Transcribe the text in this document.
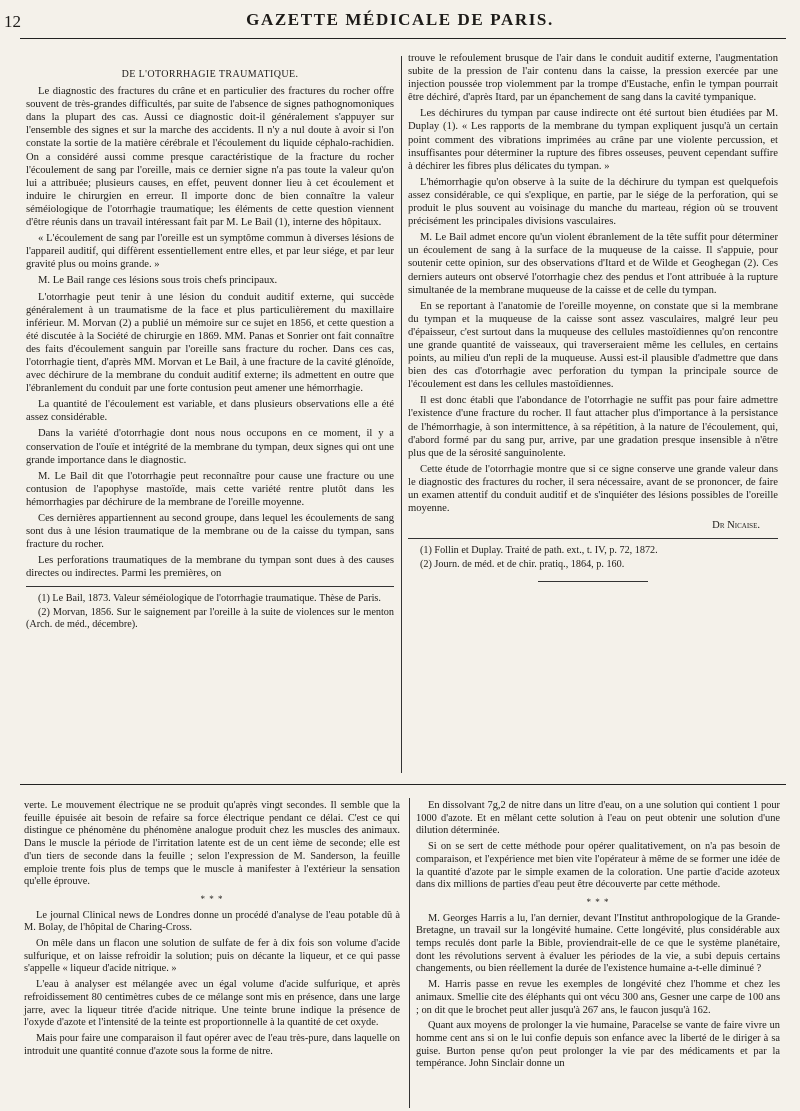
12	GAZETTE MÉDICALE DE PARIS.
DE L'OTORRHAGIE TRAUMATIQUE.

Le diagnostic des fractures du crâne et en particulier des fractures du rocher offre souvent de très-grandes difficultés, par suite de l'absence de signes pathognomoniques dans la plupart des cas. Aussi ce diagnostic doit-il généralement s'appuyer sur l'ensemble des signes et sur la marche des accidents. Il n'y a nul doute à avoir si l'on constate la sortie de la matière cérébrale et l'écoulement du liquide céphalo-rachidien. On a considéré aussi comme presque caractéristique de la fracture du rocher l'écoulement de sang par l'oreille, mais ce dernier signe n'a pas toute la valeur qu'on lui a attribuée; plusieurs causes, en effet, peuvent donner lieu à cet écoulement et induire le chirurgien en erreur. Il importe donc de bien connaître la valeur séméiologique de l'otorrhagie traumatique; les éléments de cette question viennent d'être réunis dans un travail intéressant fait par M. Le Bail (1), interne des hôpitaux.

« L'écoulement de sang par l'oreille est un symptôme commun à diverses lésions de l'appareil auditif, qui diffèrent essentiellement entre elles, et par leur siége, et par leur gravité plus ou moins grande. »

M. Le Bail range ces lésions sous trois chefs principaux.

L'otorrhagie peut tenir à une lésion du conduit auditif externe, qui succède généralement à un traumatisme de la face et plus particulièrement du maxillaire inférieur. M. Morvan (2) a publié un mémoire sur ce sujet en 1856, et cette question a été discutée à la Société de chirurgie en 1869. MM. Panas et Sonrier ont fait connaître des faits d'écoulement sanguin par l'oreille sans fracture du rocher. Dans ces cas, l'otorrhagie tient, d'après MM. Morvan et Le Bail, à une fracture de la cavité glénoïde, avec déchirure de la membrane du conduit auditif externe; ils admettent en outre que l'ébranlement du conduit par une forte contusion peut amener une hémorrhagie.

La quantité de l'écoulement est variable, et dans plusieurs observations elle a été assez considérable.

Dans la variété d'otorrhagie dont nous nous occupons en ce moment, il y a conservation de l'ouïe et intégrité de la membrane du tympan, deux signes qui ont une grande importance dans le diagnostic.

M. Le Bail dit que l'otorrhagie peut reconnaître pour cause une fracture ou une contusion de l'apophyse mastoïde, mais cette variété rentre plutôt dans les hémorrhagies par déchirure de la membrane de l'oreille moyenne.

Ces dernières appartiennent au second groupe, dans lequel les écoulements de sang sont dus à une lésion traumatique de la membrane ou de la caisse du tympan, sans fracture du rocher.

Les perforations traumatiques de la membrane du tympan sont dues à des causes directes ou indirectes. Parmi les premières, on

(1) Le Bail, 1873. Valeur séméiologique de l'otorrhagie traumatique. Thèse de Paris.

(2) Morvan, 1856. Sur le saignement par l'oreille à la suite de violences sur le menton (Arch. de méd., décembre).

trouve le refoulement brusque de l'air dans le conduit auditif externe, l'augmentation subite de la pression de l'air contenu dans la caisse, la pression exercée par une injection poussée trop violemment par la trompe d'Eustache, enfin le tympan pourrait être déchiré, d'après Itard, par un épanchement de sang dans la cavité tympanique.

Les déchirures du tympan par cause indirecte ont été surtout bien étudiées par M. Duplay (1). « Les rapports de la membrane du tympan expliquent jusqu'à un certain point comment des vibrations imprimées au crâne par une violente percussion, et insuffisantes pour déterminer la rupture des fibres osseuses, peuvent cependant suffire à déchirer les fibres plus délicates du tympan. »

L'hémorrhagie qu'on observe à la suite de la déchirure du tympan est quelquefois assez considérable, ce qui s'explique, en partie, par le siége de la perforation, qui se produit le plus souvent au voisinage du manche du marteau, région où se trouvent précisément les principales divisions vasculaires.

M. Le Bail admet encore qu'un violent ébranlement de la tête suffit pour déterminer un écoulement de sang à la surface de la muqueuse de la caisse. Il s'appuie, pour soutenir cette opinion, sur des observations d'Itard et de Wilde et Geoghegan (2). Ces derniers auteurs ont observé l'otorrhagie chez des pendus et l'ont attribuée à la rupture simultanée de la membrane muqueuse de la caisse et de celle du tympan.

En se reportant à l'anatomie de l'oreille moyenne, on constate que si la membrane du tympan et la muqueuse de la caisse sont assez vasculaires, malgré leur peu d'épaisseur, c'est surtout dans la muqueuse des cellules mastoïdiennes qu'on rencontre une grande quantité de vaisseaux, qui traverseraient même les cellules, en certains points, au milieu d'un repli de la muqueuse. Aussi est-il plausible d'admettre que dans bien des cas d'otorrhagie avec perforation du tympan la principale source de l'écoulement est dans les cellules mastoïdiennes.

Il est donc établi que l'abondance de l'otorrhagie ne suffit pas pour faire admettre l'existence d'une fracture du rocher. Il faut attacher plus d'importance à la persistance de l'hémorrhagie, à son intermittence, à sa répétition, à la nature de l'écoulement, qui, d'abord formé par du sang pur, arrive, par une gradation presque insensible à n'être plus que de la sérosité sanguinolente.

Cette étude de l'otorrhagie montre que si ce signe conserve une grande valeur dans le diagnostic des fractures du rocher, il sera nécessaire, avant de se prononcer, de faire un examen attentif du conduit auditif et de s'inquiéter des lésions possibles de l'oreille moyenne.

Dr Nicaise.

(1) Follin et Duplay. Traité de path. ext., t. IV, p. 72, 1872.

(2) Journ. de méd. et de chir. pratiq., 1864, p. 160.

verte. Le mouvement électrique ne se produit qu'après vingt secondes. Il semble que la feuille épuisée ait besoin de refaire sa force électrique pendant ce délai. C'est ce qui distingue ce phénomène du phénomène analogue produit chez les muscles des animaux. Dans le muscle la période de l'irritation latente est de un cent ième de seconde; elle est d'un tiers de seconde dans la feuille ; selon l'expression de M. Sanderson, la feuille emploie trente fois plus de temps que le muscle à manifester à l'extérieur la sensation qu'elle éprouve.

* * *

Le journal Clinical news de Londres donne un procédé d'analyse de l'eau potable dû à M. Bolay, de l'hôpital de Charing-Cross.

On mêle dans un flacon une solution de sulfate de fer à dix fois son volume d'acide sulfurique, et on laisse refroidir la solution; puis on décante la liqueur, et ce qui passe s'appelle « liqueur d'acide nitrique. »

L'eau à analyser est mélangée avec un égal volume d'acide sulfurique, et après refroidissement 80 centimètres cubes de ce mélange sont mis en présence, dans une large jarre, avec la liqueur titrée d'acide nitrique. Une teinte brune indique la présence de l'oxyde d'azote et l'intensité de la teinte est proportionnelle à la quantité de cet oxyde.

Mais pour faire une comparaison il faut opérer avec de l'eau très-pure, dans laquelle on introduit une quantité connue d'azote sous la forme de nitre.

En dissolvant 7g,2 de nitre dans un litre d'eau, on a une solution qui contient 1 pour 1000 d'azote. Et en mêlant cette solution à l'eau on peut obtenir une solution d'une dilution déterminée.

Si on se sert de cette méthode pour opérer qualitativement, on n'a pas besoin de comparaison, et l'expérience met bien vite l'opérateur à même de se former une idée de la quantité d'azote par le simple examen de la coloration. Une partie d'acide azoteux dans dix millions de parties d'eau peut être découverte par cette méthode.

* * *

M. Georges Harris a lu, l'an dernier, devant l'Institut anthropologique de la Grande-Bretagne, un travail sur la longévité humaine. Cette longévité, plus considérable aux temps reculés dont parle la Bible, proviendrait-elle de ce que le système planétaire, dont les révolutions servent à évaluer les périodes de la vie, a subi depuis certains changements, ou bien réellement la durée de l'existence humaine a-t-elle diminué ?

M. Harris passe en revue les exemples de longévité chez l'homme et chez les animaux. Smellie cite des éléphants qui ont vécu 300 ans, Gesner une carpe de 100 ans ; on dit que le brochet peut aller jusqu'à 267 ans, le faucon jusqu'à 162.

Quant aux moyens de prolonger la vie humaine, Paracelse se vante de faire vivre un homme cent ans si on le lui confie depuis son enfance avec la liberté de le diriger à sa guise. Burton pense qu'on peut prolonger la vie par des médicaments et par la tempérance. John Sinclair donne un
